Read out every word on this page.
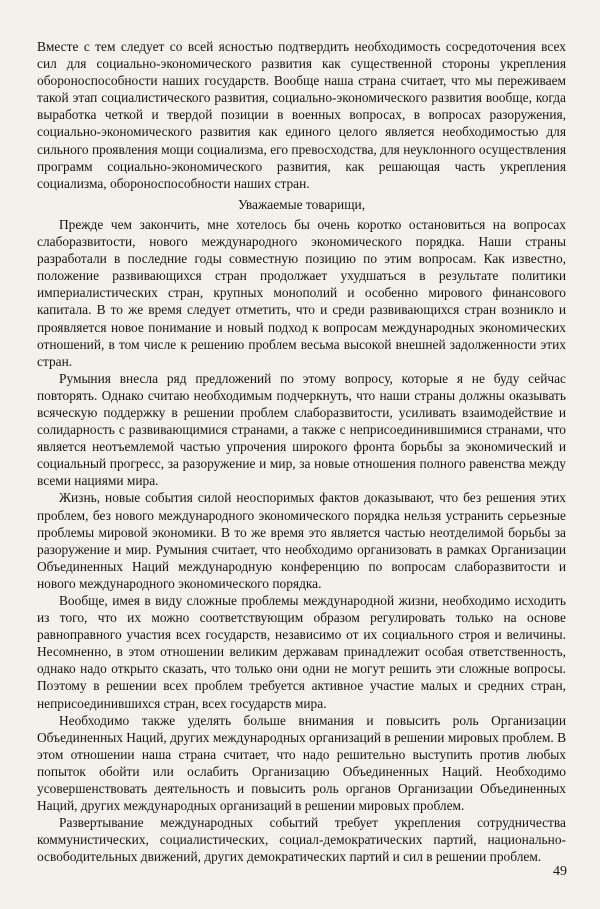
Вместе с тем следует со всей ясностью подтвердить необходимость сосредоточения всех сил для социально-экономического развития как существенной стороны укрепления обороноспособности наших государств. Вообще наша страна считает, что мы переживаем такой этап социалистического развития, социально-экономического развития вообще, когда выработка четкой и твердой позиции в военных вопросах, в вопросах разоружения, социально-экономического развития как единого целого является необходимостью для сильного проявления мощи социализма, его превосходства, для неуклонного осуществления программ социально-экономического развития, как решающая часть укрепления социализма, обороноспособности наших стран.

Уважаемые товарищи,

Прежде чем закончить, мне хотелось бы очень коротко остановиться на вопросах слаборазвитости, нового международного экономического порядка. Наши страны разработали в последние годы совместную позицию по этим вопросам. Как известно, положение развивающихся стран продолжает ухудшаться в результате политики империалистических стран, крупных монополий и особенно мирового финансового капитала. В то же время следует отметить, что и среди развивающихся стран возникло и проявляется новое понимание и новый подход к вопросам международных экономических отношений, в том числе к решению проблем весьма высокой внешней задолженности этих стран.

Румыния внесла ряд предложений по этому вопросу, которые я не буду сейчас повторять. Однако считаю необходимым подчеркнуть, что наши страны должны оказывать всяческую поддержку в решении проблем слаборазвитости, усиливать взаимодействие и солидарность с развивающимися странами, а также с неприсоединившимися странами, что является неотъемлемой частью упрочения широкого фронта борьбы за экономический и социальный прогресс, за разоружение и мир, за новые отношения полного равенства между всеми нациями мира.

Жизнь, новые события силой неоспоримых фактов доказывают, что без решения этих проблем, без нового международного экономического порядка нельзя устранить серьезные проблемы мировой экономики. В то же время это является частью неотделимой борьбы за разоружение и мир. Румыния считает, что необходимо организовать в рамках Организации Объединенных Наций международную конференцию по вопросам слаборазвитости и нового международного экономического порядка.

Вообще, имея в виду сложные проблемы международной жизни, необходимо исходить из того, что их можно соответствующим образом регулировать только на основе равноправного участия всех государств, независимо от их социального строя и величины. Несомненно, в этом отношении великим державам принадлежит особая ответственность, однако надо открыто сказать, что только они одни не могут решить эти сложные вопросы. Поэтому в решении всех проблем требуется активное участие малых и средних стран, неприсоединившихся стран, всех государств мира.

Необходимо также уделять больше внимания и повысить роль Организации Объединенных Наций, других международных организаций в решении мировых проблем. В этом отношении наша страна считает, что надо решительно выступить против любых попыток обойти или ослабить Организацию Объединенных Наций. Необходимо усовершенствовать деятельность и повысить роль органов Организации Объединенных Наций, других международных организаций в решении мировых проблем.

Развертывание международных событий требует укрепления сотрудничества коммунистических, социалистических, социал-демократических партий, национально-освободительных движений, других демократических партий и сил в решении проблем.

49
